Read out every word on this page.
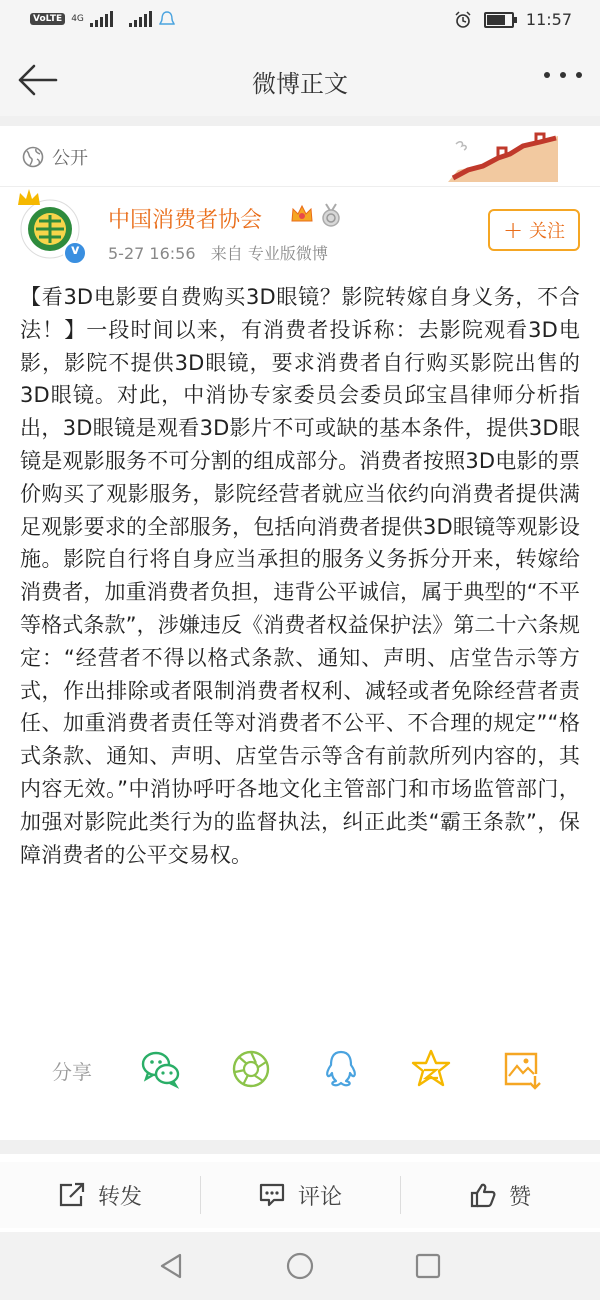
VoLTE	4G	11:57
微博正文
公开
v
中国消费者协会
5-27 16:56 来自 专业版微博
+ 关注
【看3D电影要自费购买3D眼镜？影院转嫁自身义务，不合法！】一段时间以来，有消费者投诉称：去影院观看3D电影，影院不提供3D眼镜，要求消费者自行购买影院出售的3D眼镜。对此，中消协专家委员会委员邱宝昌律师分析指出，3D眼镜是观看3D影片不可或缺的基本条件，提供3D眼镜是观影服务不可分割的组成部分。消费者按照3D电影的票价购买了观影服务，影院经营者就应当依约向消费者提供满足观影要求的全部服务，包括向消费者提供3D眼镜等观影设施。影院自行将自身应当承担的服务义务拆分开来，转嫁给消费者，加重消费者负担，违背公平诚信，属于典型的“不平等格式条款”，涉嫌违反《消费者权益保护法》第二十六条规定：“经营者不得以格式条款、通知、声明、店堂告示等方式，作出排除或者限制消费者权利、减轻或者免除经营者责任、加重消费者责任等对消费者不公平、不合理的规定”“格式条款、通知、声明、店堂告示等含有前款所列内容的，其内容无效。”中消协呼吁各地文化主管部门和市场监管部门，加强对影院此类行为的监督执法，纠正此类“霸王条款”，保障消费者的公平交易权。
分享
转发	评论	赞
